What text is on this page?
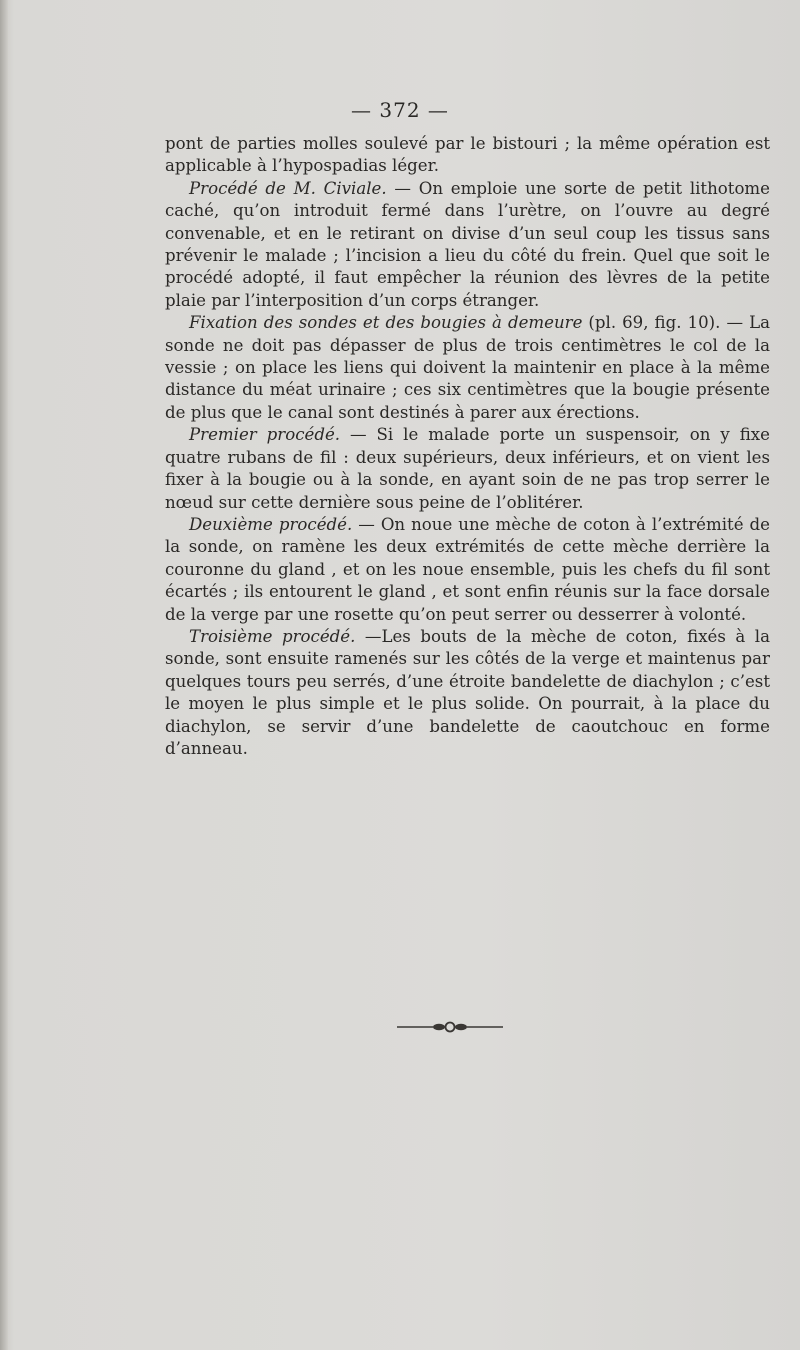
— 372 —

pont de parties molles soulevé par le bistouri ; la même opération est applicable à l’hypospadias léger.

Procédé de M. Civiale. — On emploie une sorte de petit lithotome caché, qu’on introduit fermé dans l’urètre, on l’ouvre au degré convenable, et en le retirant on divise d’un seul coup les tissus sans prévenir le malade ; l’incision a lieu du côté du frein. Quel que soit le procédé adopté, il faut empêcher la réunion des lèvres de la petite plaie par l’interposition d’un corps étranger.

Fixation des sondes et des bougies à demeure (pl. 69, fig. 10). — La sonde ne doit pas dépasser de plus de trois centimètres le col de la vessie ; on place les liens qui doivent la maintenir en place à la même distance du méat urinaire ; ces six centimètres que la bougie présente de plus que le canal sont destinés à parer aux érections.

Premier procédé. — Si le malade porte un suspensoir, on y fixe quatre rubans de fil : deux supérieurs, deux inférieurs, et on vient les fixer à la bougie ou à la sonde, en ayant soin de ne pas trop serrer le nœud sur cette dernière sous peine de l’oblitérer.

Deuxième procédé. — On noue une mèche de coton à l’extrémité de la sonde, on ramène les deux extrémités de cette mèche derrière la couronne du gland , et on les noue ensemble, puis les chefs du fil sont écartés ; ils entourent le gland , et sont enfin réunis sur la face dorsale de la verge par une rosette qu’on peut serrer ou desserrer à volonté.

Troisième procédé. —Les bouts de la mèche de coton, fixés à la sonde, sont ensuite ramenés sur les côtés de la verge et maintenus par quelques tours peu serrés, d’une étroite bandelette de diachylon ; c’est le moyen le plus simple et le plus solide. On pourrait, à la place du diachylon, se servir d’une bandelette de caoutchouc en forme d’anneau.
